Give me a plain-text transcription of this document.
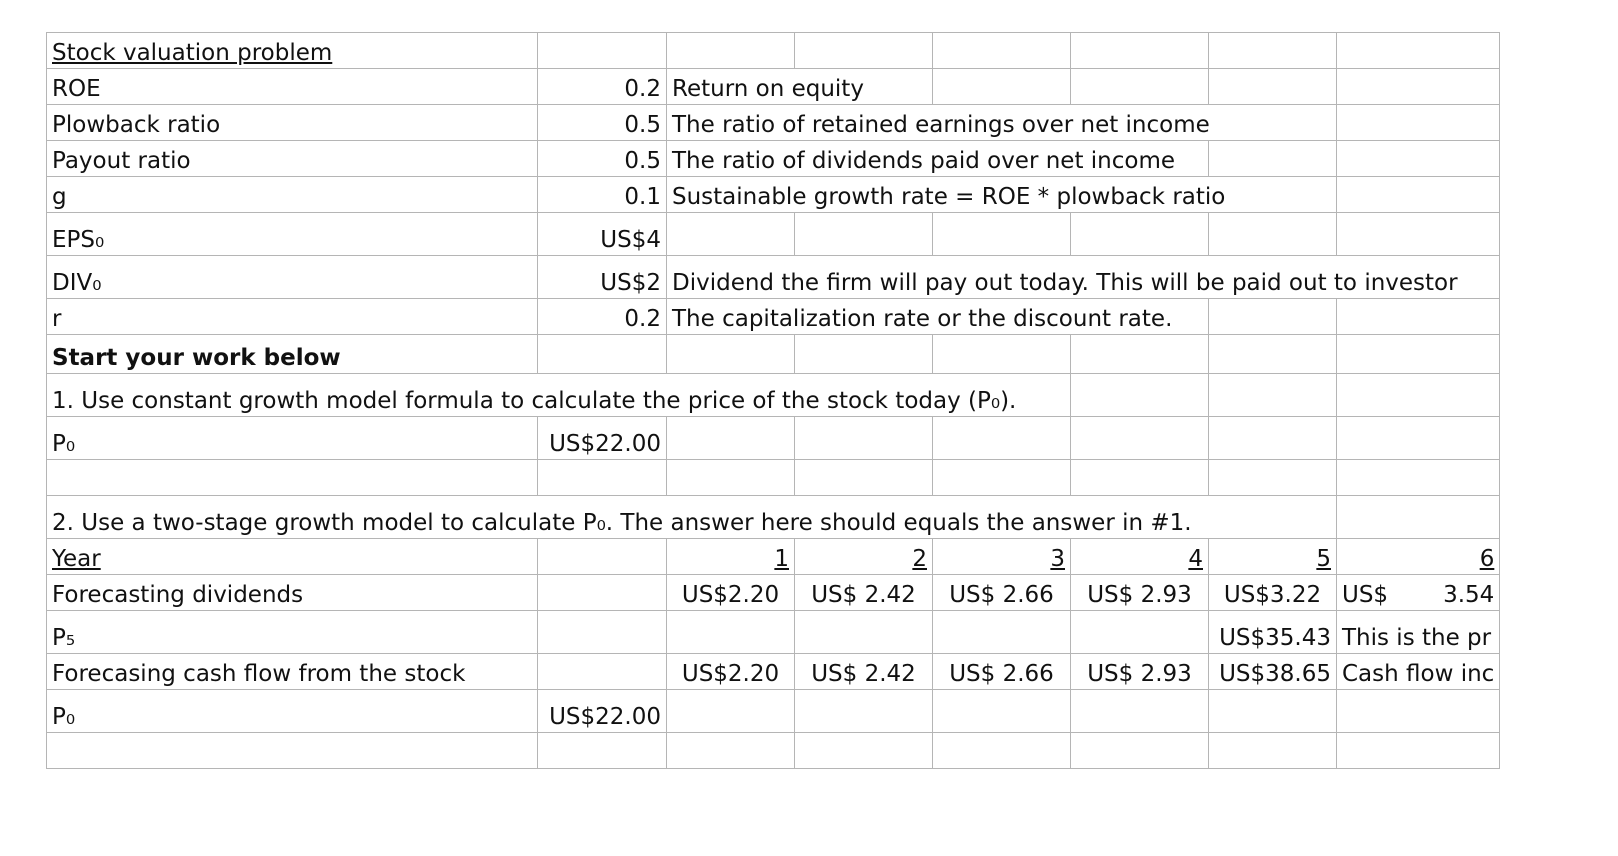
Stock valuation problem							
ROE	0.2	Return on equity					
Plowback ratio	0.5	The ratio of retained earnings over net income					
Payout ratio	0.5	The ratio of dividends paid over net income					
g	0.1	Sustainable growth rate = ROE * plowback ratio					
EPS₀	US$4						
DIV₀	US$2	Dividend the firm will pay out today. This will be paid out to investor					
r	0.2	The capitalization rate or the discount rate.					
Start your work below							
1. Use constant growth model formula to calculate the price of the stock today (P₀).							
P₀	US$22.00						

2. Use a two-stage growth model to calculate P₀. The answer here should equals the answer in #1.							
Year		1	2	3	4	5	6
Forecasting dividends		US$2.20	US$ 2.42	US$ 2.66	US$ 2.93	US$3.22	US$ 3.54
P₅						US$35.43	This is the pr
Forecasing cash flow from the stock		US$2.20	US$ 2.42	US$ 2.66	US$ 2.93	US$38.65	Cash flow inc
P₀	US$22.00						
